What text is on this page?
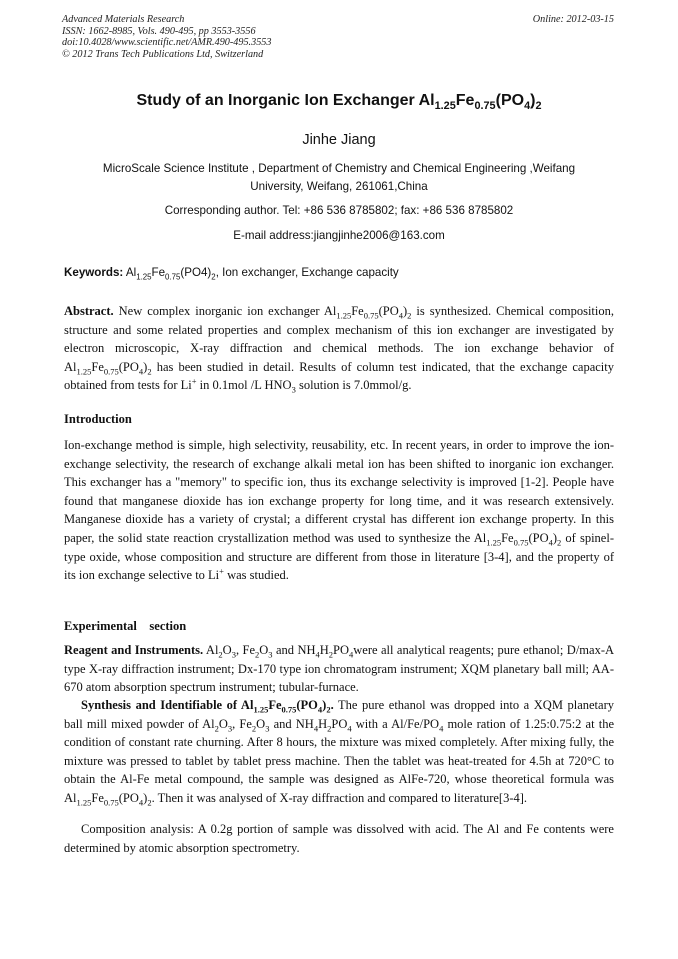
Advanced Materials Research
ISSN: 1662-8985, Vols. 490-495, pp 3553-3556
doi:10.4028/www.scientific.net/AMR.490-495.3553
© 2012 Trans Tech Publications Ltd, Switzerland
Online: 2012-03-15
Study of an Inorganic Ion Exchanger $Al_{1.25}Fe_{0.75}(PO_4)_2$
Jinhe Jiang
MicroScale Science Institute , Department of Chemistry and Chemical Engineering ,Weifang University, Weifang, 261061,China
Corresponding author. Tel: +86 536 8785802; fax: +86 536 8785802
E-mail address:jiangjinhe2006@163.com
Keywords: $Al_{1.25}Fe_{0.75}(PO4)_2$, Ion exchanger, Exchange capacity

Abstract. New complex inorganic ion exchanger $Al_{1.25}Fe_{0.75}(PO_4)_2$ is synthesized. Chemical composition, structure and some related properties and complex mechanism of this ion exchanger are investigated by electron microscopic, X-ray diffraction and chemical methods. The ion exchange behavior of $Al_{1.25}Fe_{0.75}(PO_4)_2$ has been studied in detail. Results of column test indicated, that the exchange capacity obtained from tests for Li+ in 0.1mol /L $HNO_3$ solution is 7.0mmol/g.

Introduction

Ion-exchange method is simple, high selectivity, reusability, etc. In recent years, in order to improve the ion-exchange selectivity, the research of exchange alkali metal ion has been shifted to inorganic ion exchanger. This exchanger has a "memory" to specific ion, thus its exchange selectivity is improved [1-2]. People have found that manganese dioxide has ion exchange property for long time, and it was research extensively. Manganese dioxide has a variety of crystal; a different crystal has different ion exchange property. In this paper, the solid state reaction crystallization method was used to synthesize the $Al_{1.25}Fe_{0.75}(PO_4)_2$ of spinel-type oxide, whose composition and structure are different from those in literature [3-4], and the property of its ion exchange selective to Li+ was studied.

Experimental    section

Reagent and Instruments. $Al_2O_3$, $Fe_2O_3$ and $NH_4H_2PO_4were$ all analytical reagents; pure ethanol; D/max-A type X-ray diffraction instrument; Dx-170 type ion chromatogram instrument; XQM planetary ball mill; AA-670 atom absorption spectrum instrument; tubular-furnace.

Synthesis and Identifiable of $Al_{1.25}Fe_{0.75}(PO_4)_2$. The pure ethanol was dropped into a XQM planetary ball mill mixed powder of $Al_2O_3$, $Fe_2O_3$ and $NH_4H_2PO_4$ with a $Al/Fe/PO_4$ mole ration of 1.25:0.75:2 at the condition of constant rate churning. After 8 hours, the mixture was mixed completely. After mixing fully, the mixture was pressed to tablet by tablet press machine. Then the tablet was heat-treated for 4.5h at 720°C to obtain the Al-Fe metal compound, the sample was designed as AlFe-720, whose theoretical formula was $Al_{1.25}Fe_{0.75}(PO_4)_2$. Then it was analysed of X-ray diffraction and compared to literature[3-4].

Composition analysis: A 0.2g portion of sample was dissolved with acid. The Al and Fe contents were determined by atomic absorption spectrometry.
